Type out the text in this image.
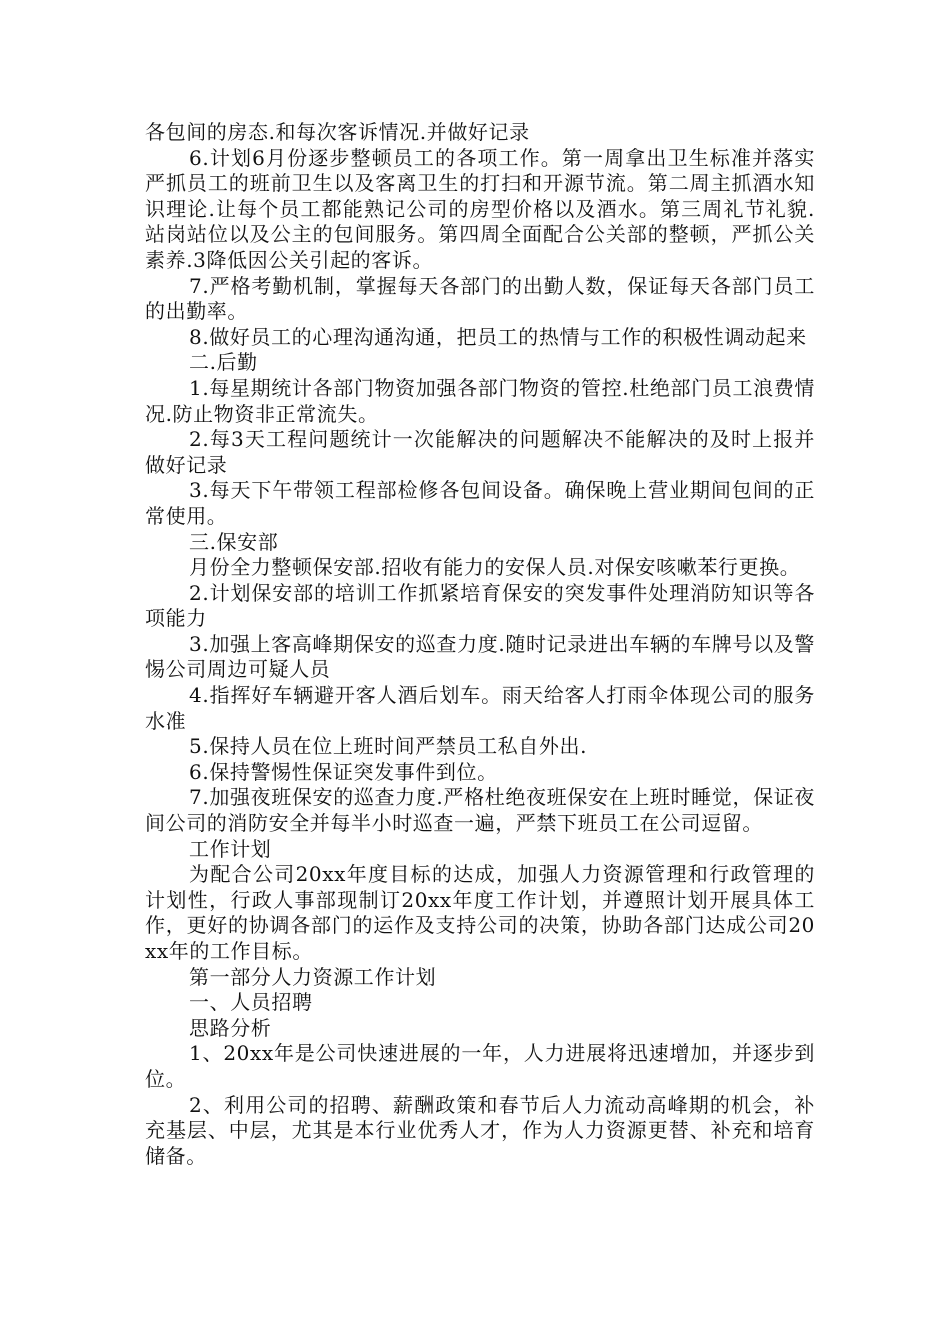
各包间的房态.和每次客诉情况.并做好记录

6.计划6月份逐步整顿员工的各项工作。第一周拿出卫生标准并落实严抓员工的班前卫生以及客离卫生的打扫和开源节流。第二周主抓酒水知识理论.让每个员工都能熟记公司的房型价格以及酒水。第三周礼节礼貌.站岗站位以及公主的包间服务。第四周全面配合公关部的整顿，严抓公关素养.3降低因公关引起的客诉。

7.严格考勤机制，掌握每天各部门的出勤人数，保证每天各部门员工的出勤率。

8.做好员工的心理沟通沟通，把员工的热情与工作的积极性调动起来

二.后勤

1.每星期统计各部门物资加强各部门物资的管控.杜绝部门员工浪费情况.防止物资非正常流失。

2.每3天工程问题统计一次能解决的问题解决不能解决的及时上报并做好记录

3.每天下午带领工程部检修各包间设备。确保晚上营业期间包间的正常使用。

三.保安部

月份全力整顿保安部.招收有能力的安保人员.对保安咳嗽苯行更换。

2.计划保安部的培训工作抓紧培育保安的突发事件处理消防知识等各项能力

3.加强上客高峰期保安的巡查力度.随时记录进出车辆的车牌号以及警惕公司周边可疑人员

4.指挥好车辆避开客人酒后划车。雨天给客人打雨伞体现公司的服务水准

5.保持人员在位上班时间严禁员工私自外出.

6.保持警惕性保证突发事件到位。

7.加强夜班保安的巡查力度.严格杜绝夜班保安在上班时睡觉，保证夜间公司的消防安全并每半小时巡查一遍，严禁下班员工在公司逗留。

工作计划

为配合公司20xx年度目标的达成，加强人力资源管理和行政管理的计划性，行政人事部现制订20xx年度工作计划，并遵照计划开展具体工作，更好的协调各部门的运作及支持公司的决策，协助各部门达成公司20xx年的工作目标。

第一部分人力资源工作计划

一、人员招聘

思路分析

1、20xx年是公司快速进展的一年，人力进展将迅速增加，并逐步到位。

2、利用公司的招聘、薪酬政策和春节后人力流动高峰期的机会，补充基层、中层，尤其是本行业优秀人才，作为人力资源更替、补充和培育储备。
